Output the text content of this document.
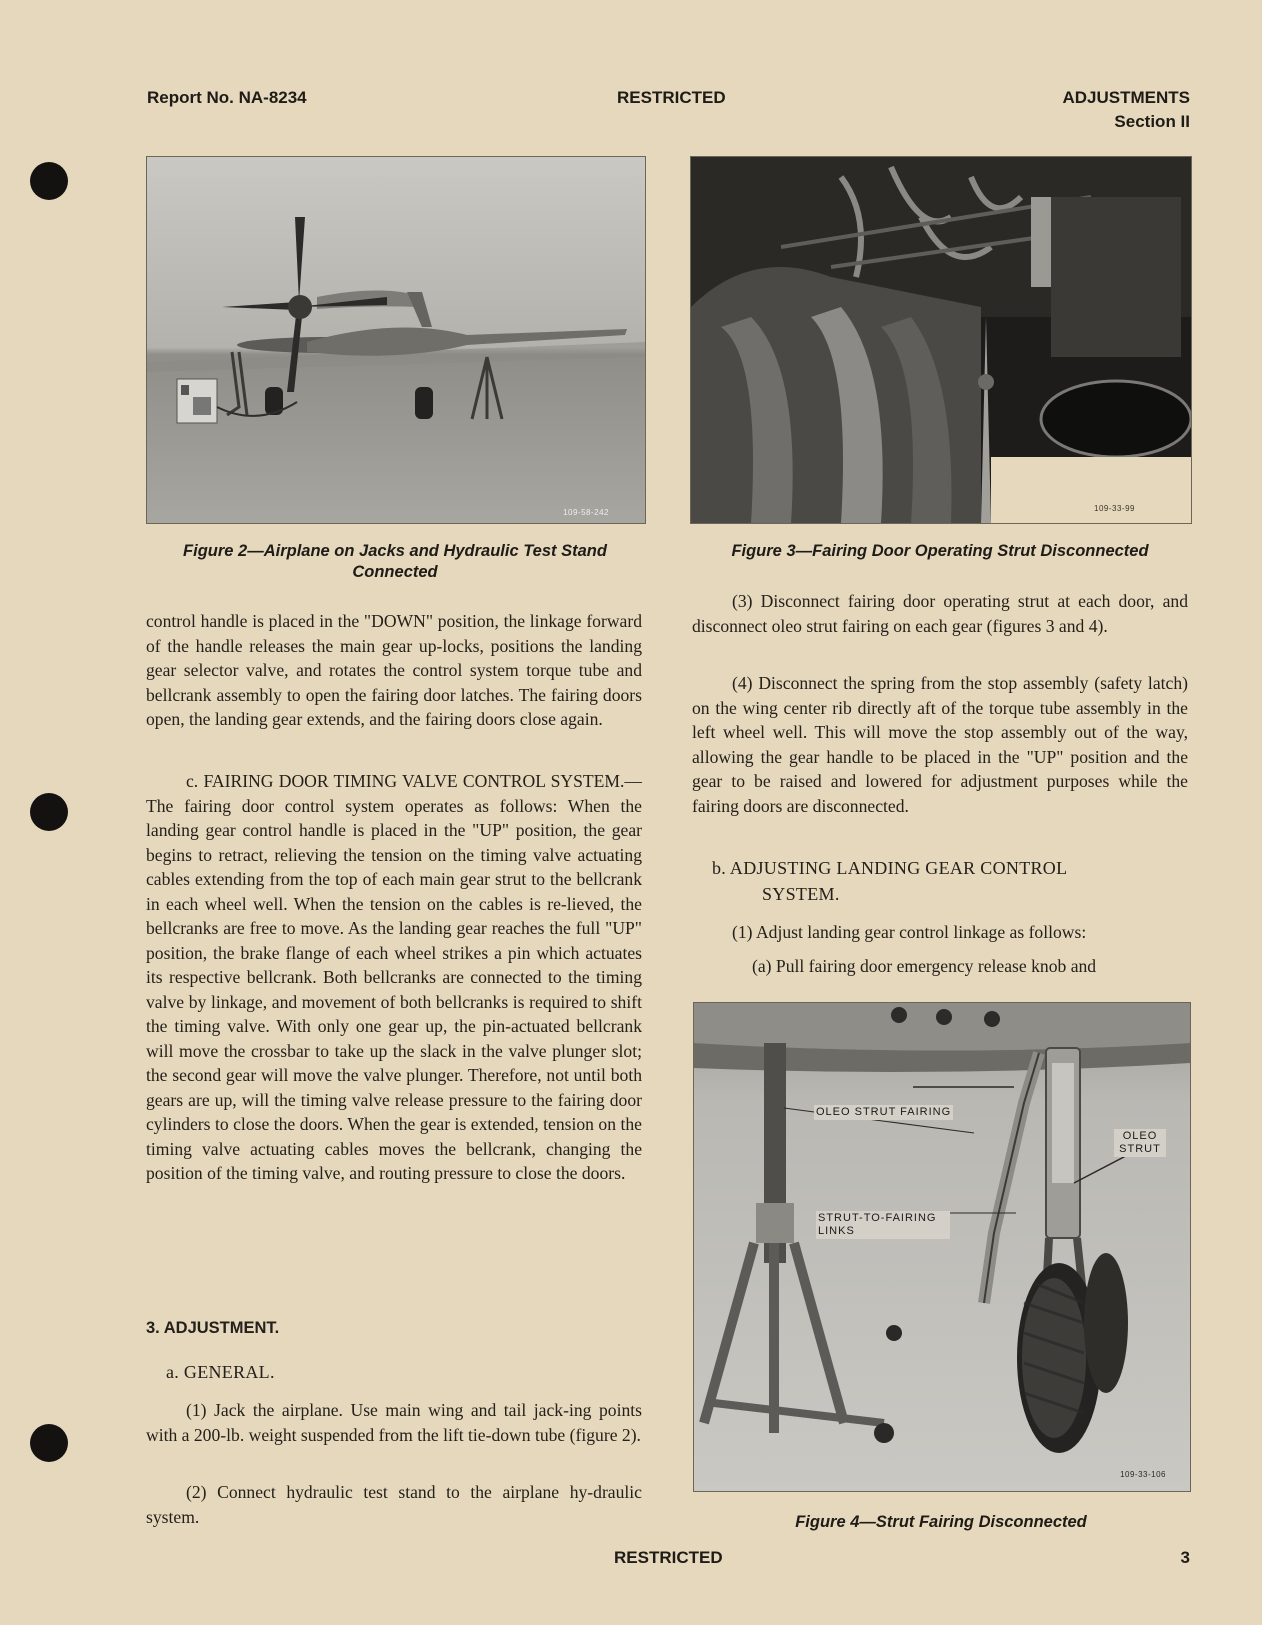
Report No. NA-8234	RESTRICTED	ADJUSTMENTS
Section II
109-58-242
Figure 2—Airplane on Jacks and Hydraulic Test Stand Connected
109-33-99
Figure 3—Fairing Door Operating Strut Disconnected
control handle is placed in the "DOWN" position, the linkage forward of the handle releases the main gear up-locks, positions the landing gear selector valve, and rotates the control system torque tube and bellcrank assembly to open the fairing door latches. The fairing doors open, the landing gear extends, and the fairing doors close again.
c. FAIRING DOOR TIMING VALVE CONTROL SYSTEM.—The fairing door control system operates as follows: When the landing gear control handle is placed in the "UP" position, the gear begins to retract, relieving the tension on the timing valve actuating cables extending from the top of each main gear strut to the bellcrank in each wheel well. When the tension on the cables is re-lieved, the bellcranks are free to move. As the landing gear reaches the full "UP" position, the brake flange of each wheel strikes a pin which actuates its respective bellcrank. Both bellcranks are connected to the timing valve by linkage, and movement of both bellcranks is required to shift the timing valve. With only one gear up, the pin-actuated bellcrank will move the crossbar to take up the slack in the valve plunger slot; the second gear will move the valve plunger. Therefore, not until both gears are up, will the timing valve release pressure to the fairing door cylinders to close the doors. When the gear is extended, tension on the timing valve actuating cables moves the bellcrank, changing the position of the timing valve, and routing pressure to close the doors.
3. ADJUSTMENT.
a. GENERAL.
(1) Jack the airplane. Use main wing and tail jack-ing points with a 200-lb. weight suspended from the lift tie-down tube (figure 2).
(2) Connect hydraulic test stand to the airplane hy-draulic system.
(3) Disconnect fairing door operating strut at each door, and disconnect oleo strut fairing on each gear (figures 3 and 4).
(4) Disconnect the spring from the stop assembly (safety latch) on the wing center rib directly aft of the torque tube assembly in the left wheel well. This will move the stop assembly out of the way, allowing the gear handle to be placed in the "UP" position and the gear to be raised and lowered for adjustment purposes while the fairing doors are disconnected.
b. ADJUSTING LANDING GEAR CONTROL
SYSTEM.
(1) Adjust landing gear control linkage as follows:
(a) Pull fairing door emergency release knob and
OLEO STRUT FAIRING
OLEO STRUT
STRUT-TO-FAIRING LINKS
109-33-106
Figure 4—Strut Fairing Disconnected
RESTRICTED	3
